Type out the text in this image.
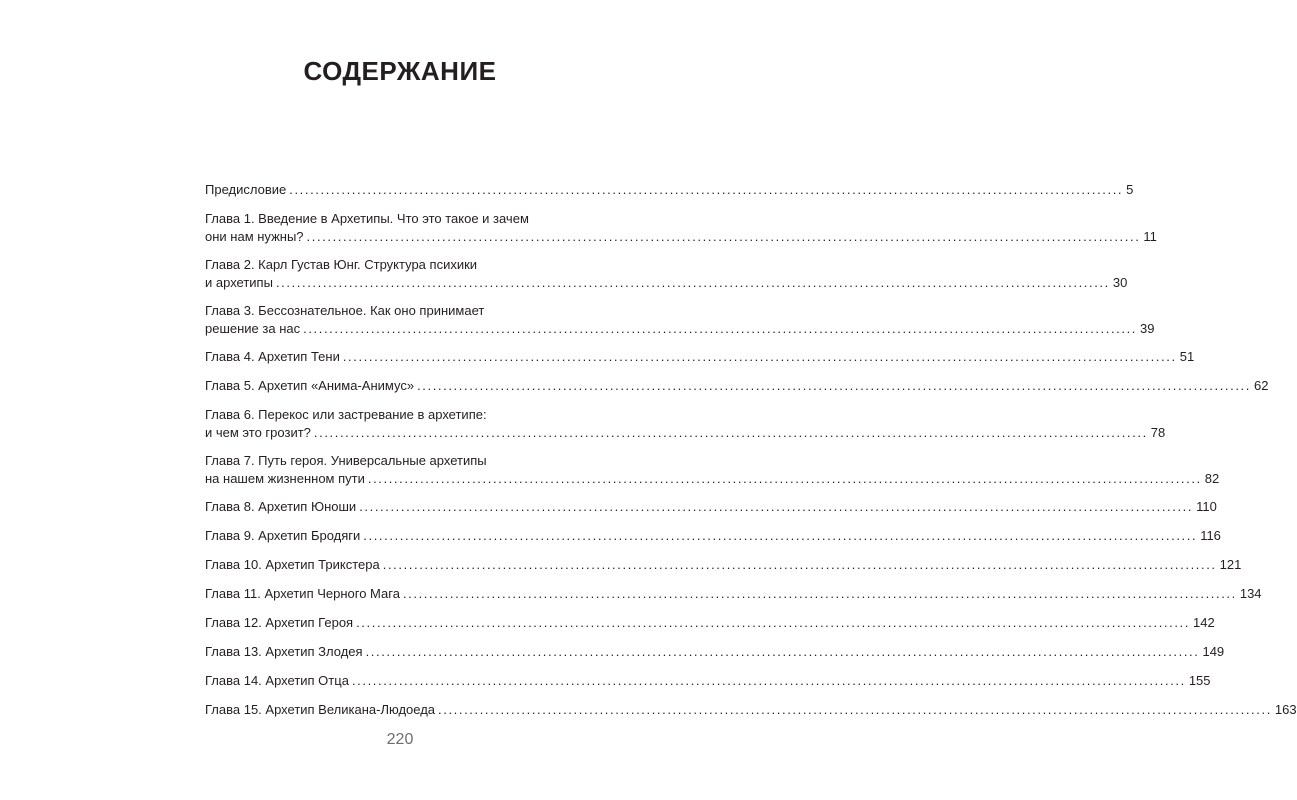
СОДЕРЖАНИЕ
Предисловие ................................................................................................................................................................ 5
Глава 1. Введение в Архетипы. Что это такое и зачем
они нам нужны? ................................................................................................................................................................ 11
Глава 2. Карл Густав Юнг. Структура психики
и архетипы ................................................................................................................................................................ 30
Глава 3. Бессознательное. Как оно принимает
решение за нас ................................................................................................................................................................ 39
Глава 4. Архетип Тени ................................................................................................................................................................ 51
Глава 5. Архетип «Анима-Анимус» ................................................................................................................................................................ 62
Глава 6. Перекос или застревание в архетипе:
и чем это грозит? ................................................................................................................................................................ 78
Глава 7. Путь героя. Универсальные архетипы
на нашем жизненном пути ................................................................................................................................................................ 82
Глава 8. Архетип Юноши ................................................................................................................................................................ 110
Глава 9. Архетип Бродяги ................................................................................................................................................................ 116
Глава 10. Архетип Трикстера ................................................................................................................................................................ 121
Глава 11. Архетип Черного Мага ................................................................................................................................................................ 134
Глава 12. Архетип Героя ................................................................................................................................................................ 142
Глава 13. Архетип Злодея ................................................................................................................................................................ 149
Глава 14. Архетип Отца ................................................................................................................................................................ 155
Глава 15. Архетип Великана-Людоеда ................................................................................................................................................................ 163
220
